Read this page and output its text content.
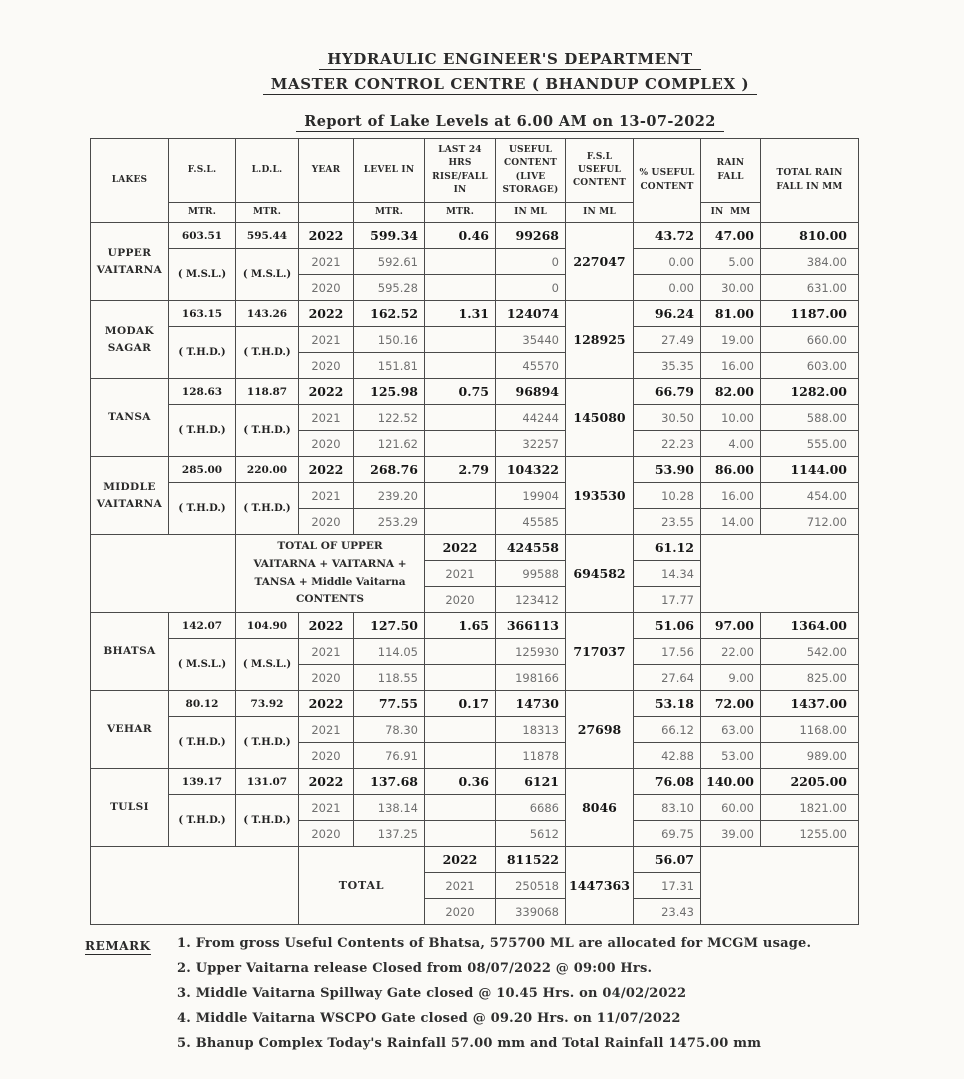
HYDRAULIC ENGINEER'S DEPARTMENT
MASTER CONTROL CENTRE ( BHANDUP COMPLEX )
Report of Lake Levels at 6.00 AM on 13-07-2022
LAKES	F.S.L.	L.D.L.	YEAR	LEVEL IN	LAST 24 HRS RISE/FALL IN	USEFUL CONTENT (LIVE STORAGE)	F.S.L USEFUL CONTENT	% USEFUL CONTENT	RAIN FALL	TOTAL RAIN FALL IN MM
	MTR.	MTR.		MTR.	MTR.	IN ML	IN ML		IN  MM	
UPPER VAITARNA	603.51	595.44	2022	599.34	0.46	99268	227047	43.72	47.00	810.00
	( M.S.L.)	( M.S.L.)	2021	592.61		0		0.00	5.00	384.00
			2020	595.28		0		0.00	30.00	631.00
MODAK SAGAR	163.15	143.26	2022	162.52	1.31	124074	128925	96.24	81.00	1187.00
	( T.H.D.)	( T.H.D.)	2021	150.16		35440		27.49	19.00	660.00
			2020	151.81		45570		35.35	16.00	603.00
TANSA	128.63	118.87	2022	125.98	0.75	96894	145080	66.79	82.00	1282.00
	( T.H.D.)	( T.H.D.)	2021	122.52		44244		30.50	10.00	588.00
			2020	121.62		32257		22.23	4.00	555.00
MIDDLE VAITARNA	285.00	220.00	2022	268.76	2.79	104322	193530	53.90	86.00	1144.00
	( T.H.D.)	( T.H.D.)	2021	239.20		19904		10.28	16.00	454.00
			2020	253.29		45585		23.55	14.00	712.00
		TOTAL OF UPPER VAITARNA + VAITARNA + TANSA + Middle Vaitarna CONTENTS			2022	424558	694582	61.12		
					2021	99588		14.34		
					2020	123412		17.77		
BHATSA	142.07	104.90	2022	127.50	1.65	366113	717037	51.06	97.00	1364.00
	( M.S.L.)	( M.S.L.)	2021	114.05		125930		17.56	22.00	542.00
			2020	118.55		198166		27.64	9.00	825.00
VEHAR	80.12	73.92	2022	77.55	0.17	14730	27698	53.18	72.00	1437.00
	( T.H.D.)	( T.H.D.)	2021	78.30		18313		66.12	63.00	1168.00
			2020	76.91		11878		42.88	53.00	989.00
TULSI	139.17	131.07	2022	137.68	0.36	6121	8046	76.08	140.00	2205.00
	( T.H.D.)	( T.H.D.)	2021	138.14		6686		83.10	60.00	1821.00
			2020	137.25		5612		69.75	39.00	1255.00
			TOTAL		2022	811522	1447363	56.07		
					2021	250518		17.31		
					2020	339068		23.43		
REMARK 1. From gross Useful Contents of Bhatsa, 575700 ML are allocated for MCGM usage.
2. Upper Vaitarna release Closed from 08/07/2022 @ 09:00 Hrs.
3. Middle Vaitarna Spillway Gate closed @ 10.45 Hrs. on 04/02/2022
4. Middle Vaitarna WSCPO Gate closed @ 09.20 Hrs. on 11/07/2022
5. Bhanup Complex Today's Rainfall 57.00 mm and Total Rainfall 1475.00 mm
